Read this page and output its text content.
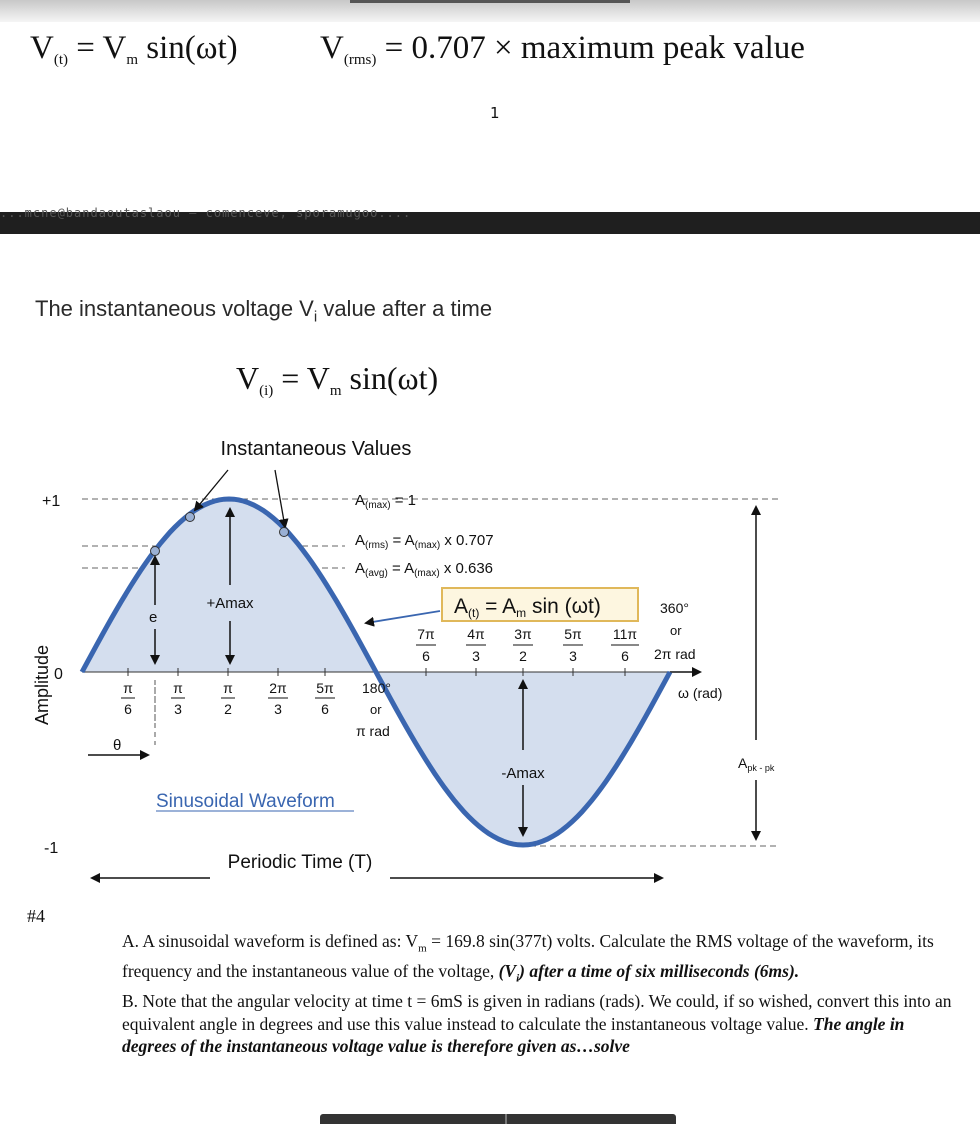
$V_{(t)} = V_m$ sin(ωt) $V_{(rms)} = 0.707$ × maximum peak value
1
...mcne@bandaoutaslaou — comenceve, sporamugoo....
The instantaneous voltage $V_i$ value after a time
$V_{(i)} = V_m$ sin(ωt)
Instantaneous Values
+1
0
-1
Amplitude
+Amax
e
θ
$A_{(max)} = 1$
$A_{(rms)} = A_{(max)}$ x 0.707
$A_{(avg)} = A_{(max)}$ x 0.636
A(t) = Am sin (ωt)	360°
or
2π rad
ω (rad)
π
6
π
3
π
2
2π
3
5π
6
7π
6
4π
3
3π
2
5π
3
11π
6
180°
or
π rad
-Amax
$A_{pk - pk}$
Sinusoidal Waveform
Periodic Time (T)
#4

A. A sinusoidal waveform is defined as: $V_m = 169.8$ sin(377t) volts. Calculate the RMS voltage of the waveform, its frequency and the instantaneous value of the voltage, $(V_i)$ after a time of six milliseconds (6ms).

B. Note that the angular velocity at time t = 6mS is given in radians (rads). We could, if so wished, convert this into an equivalent angle in degrees and use this value instead to calculate the instantaneous voltage value. The angle in degrees of the instantaneous voltage value is therefore given as…solve
